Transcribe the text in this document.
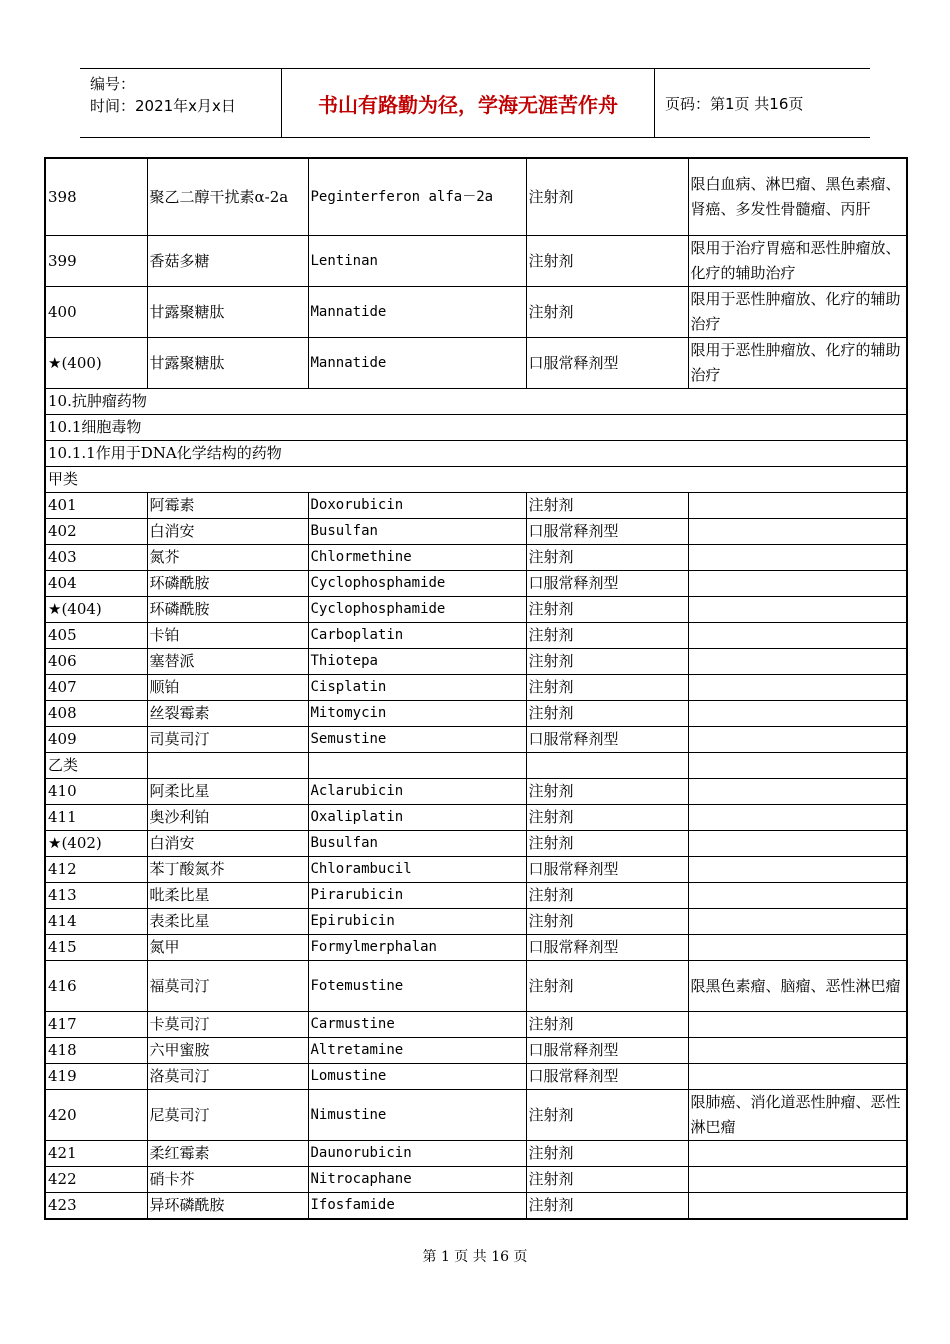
编号：
时间：2021年x月x日	书山有路勤为径，学海无涯苦作舟	页码：第1页 共16页
398	聚乙二醇干扰素α-2a	Peginterferon alfa－2a	注射剂	限白血病、淋巴瘤、黑色素瘤、肾癌、多发性骨髓瘤、丙肝
399	香菇多糖	Lentinan	注射剂	限用于治疗胃癌和恶性肿瘤放、化疗的辅助治疗
400	甘露聚糖肽	Mannatide	注射剂	限用于恶性肿瘤放、化疗的辅助治疗
★(400)	甘露聚糖肽	Mannatide	口服常释剂型	限用于恶性肿瘤放、化疗的辅助治疗
10.抗肿瘤药物				
10.1细胞毒物				
10.1.1作用于DNA化学结构的药物				
甲类				
401	阿霉素	Doxorubicin	注射剂	
402	白消安	Busulfan	口服常释剂型	
403	氮芥	Chlormethine	注射剂	
404	环磷酰胺	Cyclophosphamide	口服常释剂型	
★(404)	环磷酰胺	Cyclophosphamide	注射剂	
405	卡铂	Carboplatin	注射剂	
406	塞替派	Thiotepa	注射剂	
407	顺铂	Cisplatin	注射剂	
408	丝裂霉素	Mitomycin	注射剂	
409	司莫司汀	Semustine	口服常释剂型	
乙类				
410	阿柔比星	Aclarubicin	注射剂	
411	奥沙利铂	Oxaliplatin	注射剂	
★(402)	白消安	Busulfan	注射剂	
412	苯丁酸氮芥	Chlorambucil	口服常释剂型	
413	吡柔比星	Pirarubicin	注射剂	
414	表柔比星	Epirubicin	注射剂	
415	氮甲	Formylmerphalan	口服常释剂型	
416	福莫司汀	Fotemustine	注射剂	限黑色素瘤、脑瘤、恶性淋巴瘤
417	卡莫司汀	Carmustine	注射剂	
418	六甲蜜胺	Altretamine	口服常释剂型	
419	洛莫司汀	Lomustine	口服常释剂型	
420	尼莫司汀	Nimustine	注射剂	限肺癌、消化道恶性肿瘤、恶性淋巴瘤
421	柔红霉素	Daunorubicin	注射剂	
422	硝卡芥	Nitrocaphane	注射剂	
423	异环磷酰胺	Ifosfamide	注射剂	
第 1 页 共 16 页
